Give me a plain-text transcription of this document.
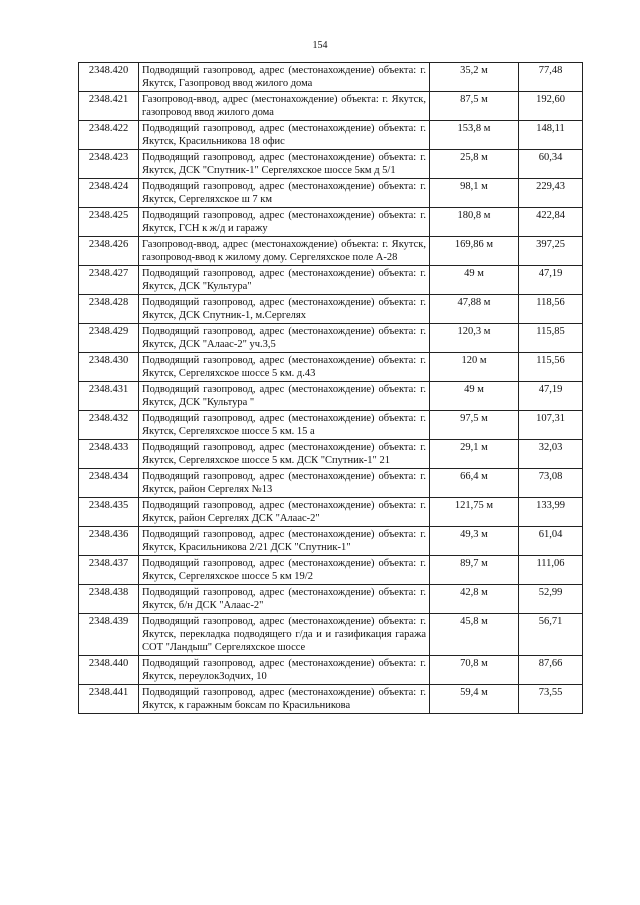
154
2348.420	Подводящий газопровод, адрес (местонахождение) объекта: г. Якутск, Газопровод ввод жилого дома	35,2 м	77,48
2348.421	Газопровод-ввод, адрес (местонахождение) объекта: г. Якутск, газопровод ввод жилого дома	87,5 м	192,60
2348.422	Подводящий газопровод, адрес (местонахождение) объекта: г. Якутск, Красильникова 18 офис	153,8 м	148,11
2348.423	Подводящий газопровод, адрес (местонахождение) объекта: г. Якутск, ДСК "Спутник-1" Сергеляхское шоссе 5км д 5/1	25,8 м	60,34
2348.424	Подводящий газопровод, адрес (местонахождение) объекта: г. Якутск, Сергеляхское ш 7 км	98,1 м	229,43
2348.425	Подводящий газопровод, адрес (местонахождение) объекта: г. Якутск, ГСН к ж/д и гаражу	180,8 м	422,84
2348.426	Газопровод-ввод, адрес (местонахождение) объекта: г. Якутск, газопровод-ввод к жилому дому. Сергеляхское поле А-28	169,86 м	397,25
2348.427	Подводящий газопровод, адрес (местонахождение) объекта: г. Якутск, ДСК "Культура"	49 м	47,19
2348.428	Подводящий газопровод, адрес (местонахождение) объекта: г. Якутск, ДСК Спутник-1, м.Сергелях	47,88 м	118,56
2348.429	Подводящий газопровод, адрес (местонахождение) объекта: г. Якутск, ДСК "Алаас-2" уч.3,5	120,3 м	115,85
2348.430	Подводящий газопровод, адрес (местонахождение) объекта: г. Якутск, Сергеляхское шоссе 5 км. д.43	120 м	115,56
2348.431	Подводящий газопровод, адрес (местонахождение) объекта: г. Якутск, ДСК "Культура "	49 м	47,19
2348.432	Подводящий газопровод, адрес (местонахождение) объекта: г. Якутск, Сергеляхское шоссе 5 км. 15 а	97,5 м	107,31
2348.433	Подводящий газопровод, адрес (местонахождение) объекта: г. Якутск, Сергеляхское шоссе 5 км. ДСК "Спутник-1" 21	29,1 м	32,03
2348.434	Подводящий газопровод, адрес (местонахождение) объекта: г. Якутск, район Сергелях №13	66,4 м	73,08
2348.435	Подводящий газопровод, адрес (местонахождение) объекта: г. Якутск, район Сергелях ДСК "Алаас-2"	121,75 м	133,99
2348.436	Подводящий газопровод, адрес (местонахождение) объекта: г. Якутск, Красильникова 2/21 ДСК "Спутник-1"	49,3 м	61,04
2348.437	Подводящий газопровод, адрес (местонахождение) объекта: г. Якутск, Сергеляхское шоссе 5 км 19/2	89,7 м	111,06
2348.438	Подводящий газопровод, адрес (местонахождение) объекта: г. Якутск, б/н ДСК "Алаас-2"	42,8 м	52,99
2348.439	Подводящий газопровод, адрес (местонахождение) объекта: г. Якутск, перекладка подводящего г/да и и газификация гаража СОТ "Ландыш" Сергеляхское шоссе	45,8 м	56,71
2348.440	Подводящий газопровод, адрес (местонахождение) объекта: г. Якутск, переулокЗодчих, 10	70,8 м	87,66
2348.441	Подводящий газопровод, адрес (местонахождение) объекта: г. Якутск, к гаражным боксам по Красильникова	59,4 м	73,55
